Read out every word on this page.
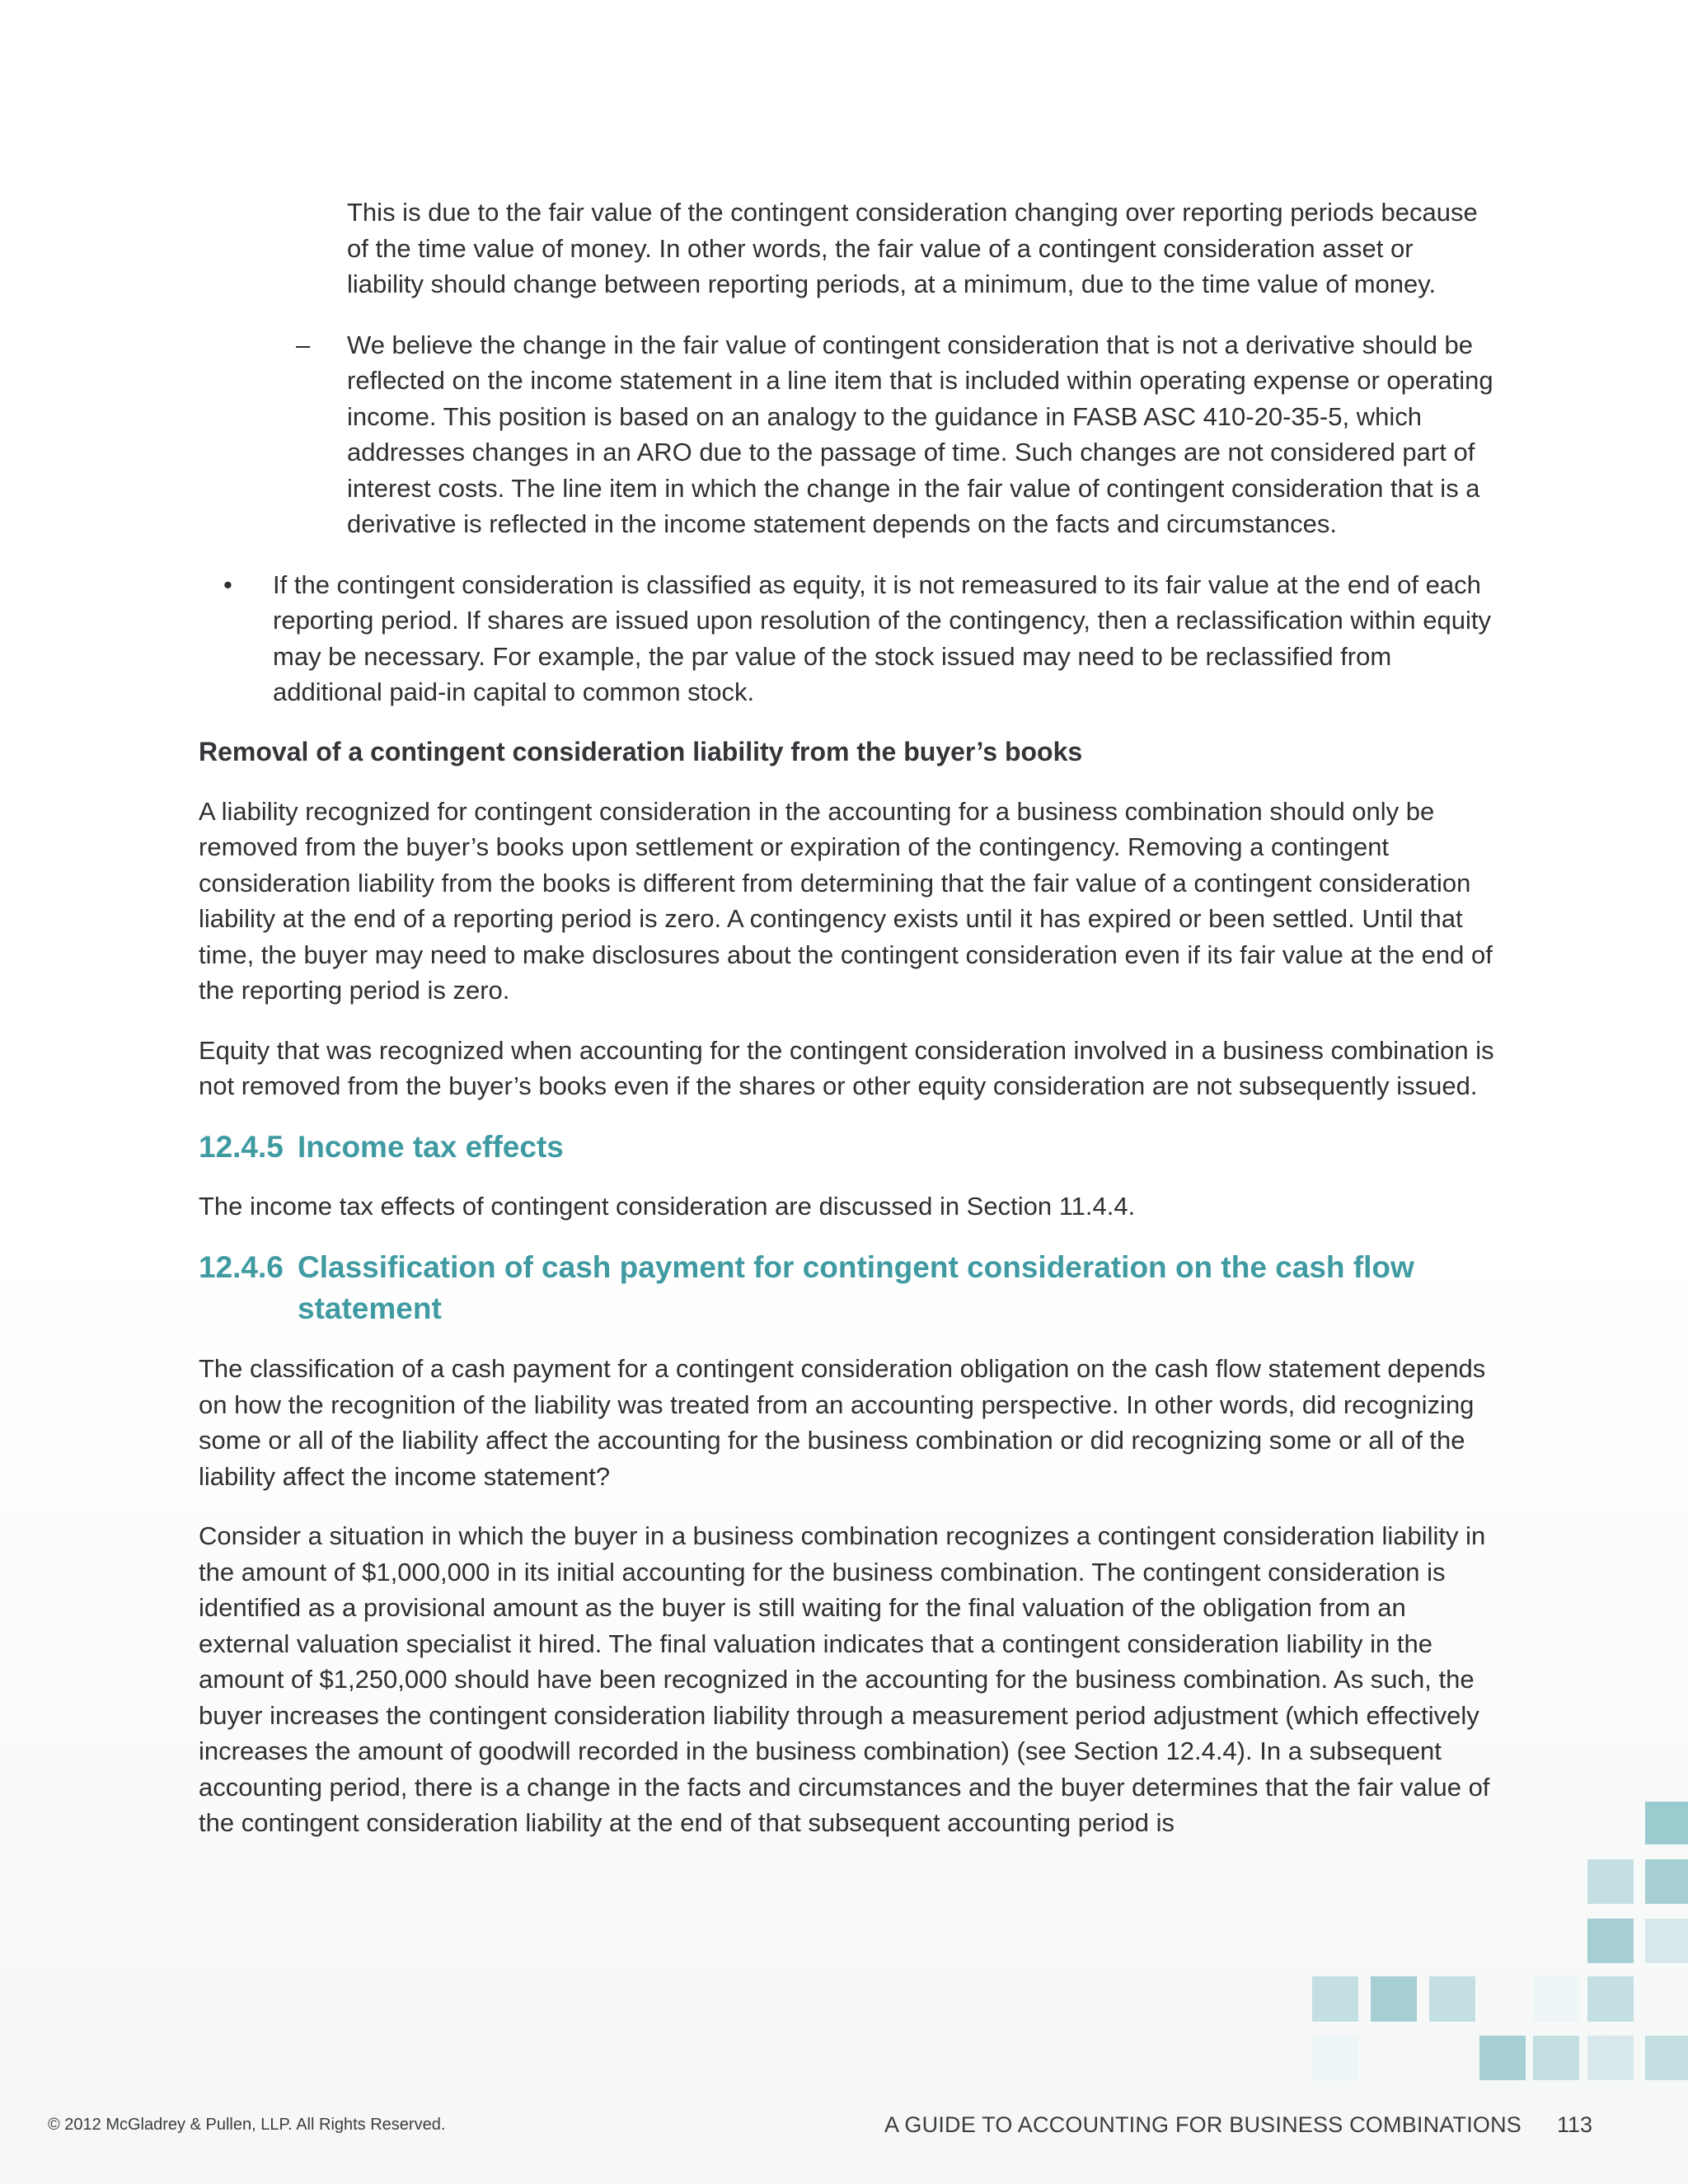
This is due to the fair value of the contingent consideration changing over reporting periods because of the time value of money. In other words, the fair value of a contingent consideration asset or liability should change between reporting periods, at a minimum, due to the time value of money.

– We believe the change in the fair value of contingent consideration that is not a derivative should be reflected on the income statement in a line item that is included within operating expense or operating income. This position is based on an analogy to the guidance in FASB ASC 410-20-35-5, which addresses changes in an ARO due to the passage of time. Such changes are not considered part of interest costs. The line item in which the change in the fair value of contingent consideration that is a derivative is reflected in the income statement depends on the facts and circumstances.

• If the contingent consideration is classified as equity, it is not remeasured to its fair value at the end of each reporting period. If shares are issued upon resolution of the contingency, then a reclassification within equity may be necessary. For example, the par value of the stock issued may need to be reclassified from additional paid-in capital to common stock.

Removal of a contingent consideration liability from the buyer’s books

A liability recognized for contingent consideration in the accounting for a business combination should only be removed from the buyer’s books upon settlement or expiration of the contingency. Removing a contingent consideration liability from the books is different from determining that the fair value of a contingent consideration liability at the end of a reporting period is zero. A contingency exists until it has expired or been settled. Until that time, the buyer may need to make disclosures about the contingent consideration even if its fair value at the end of the reporting period is zero.

Equity that was recognized when accounting for the contingent consideration involved in a business combination is not removed from the buyer’s books even if the shares or other equity consideration are not subsequently issued.

12.4.5 Income tax effects

The income tax effects of contingent consideration are discussed in Section 11.4.4.

12.4.6 Classification of cash payment for contingent consideration on the cash flow statement

The classification of a cash payment for a contingent consideration obligation on the cash flow statement depends on how the recognition of the liability was treated from an accounting perspective. In other words, did recognizing some or all of the liability affect the accounting for the business combination or did recognizing some or all of the liability affect the income statement?

Consider a situation in which the buyer in a business combination recognizes a contingent consideration liability in the amount of $1,000,000 in its initial accounting for the business combination. The contingent consideration is identified as a provisional amount as the buyer is still waiting for the final valuation of the obligation from an external valuation specialist it hired. The final valuation indicates that a contingent consideration liability in the amount of $1,250,000 should have been recognized in the accounting for the business combination. As such, the buyer increases the contingent consideration liability through a measurement period adjustment (which effectively increases the amount of goodwill recorded in the business combination) (see Section 12.4.4). In a subsequent accounting period, there is a change in the facts and circumstances and the buyer determines that the fair value of the contingent consideration liability at the end of that subsequent accounting period is

© 2012 McGladrey & Pullen, LLP. All Rights Reserved.	A GUIDE TO ACCOUNTING FOR BUSINESS COMBINATIONS 113
